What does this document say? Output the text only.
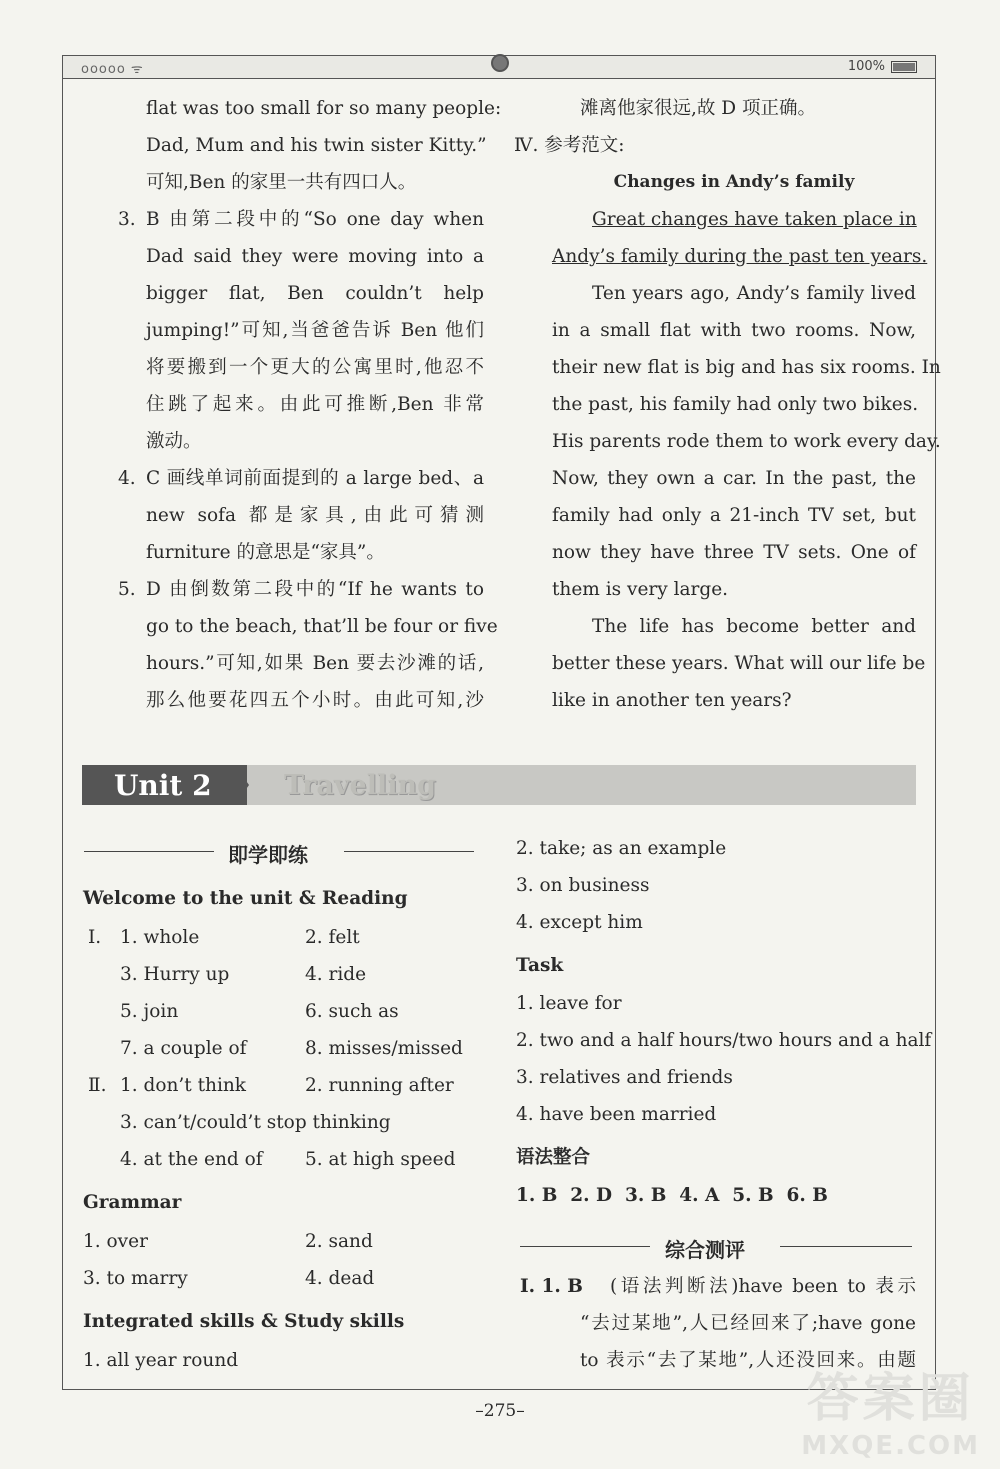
ooooo ᯤ	100%
flat was too small for so many people:
Dad, Mum and his twin sister Kitty.”
可知,Ben 的家里一共有四口人。
3. B 由第二段中的“So one day when
Dad said they were moving into a
bigger flat, Ben couldn’t help
jumping!”可知,当爸爸告诉 Ben 他们
将要搬到一个更大的公寓里时,他忍不
住跳了起来。由此可推断,Ben 非常
激动。
4. C 画线单词前面提到的 a large bed、a
new sofa 都是家具,由此可猜测
furniture 的意思是“家具”。
5. D 由倒数第二段中的“If he wants to
go to the beach, that’ll be four or five
hours.”可知,如果 Ben 要去沙滩的话,
那么他要花四五个小时。由此可知,沙
滩离他家很远,故 D 项正确。
Ⅳ. 参考范文:
Changes in Andy’s family
Great changes have taken place in
Andy’s family during the past ten years.
Ten years ago, Andy’s family lived
in a small flat with two rooms. Now,
their new flat is big and has six rooms. In
the past, his family had only two bikes.
His parents rode them to work every day.
Now, they own a car. In the past, the
family had only a 21-inch TV set, but
now they have three TV sets. One of
them is very large.
The life has become better and
better these years. What will our life be
like in another ten years?
Unit 2	Travelling
即学即练
Welcome to the unit & Reading
Ⅰ. 1. whole	2. felt
3. Hurry up	4. ride
5. join	6. such as
7. a couple of	8. misses/missed
Ⅱ. 1. don’t think	2. running after
3. can’t/could’t stop thinking
4. at the end of 5. at high speed
Grammar
1. over	2. sand
3. to marry	4. dead
Integrated skills & Study skills
1. all year round
2. take; as an example
3. on business
4. except him
Task
1. leave for
2. two and a half hours/two hours and a half
3. relatives and friends
4. have been married
语法整合
1. B  2. D  3. B  4. A  5. B  6. B
综合测评
Ⅰ. 1. B (语法判断法)have been to 表示
“去过某地”,人已经回来了;have gone
to 表示“去了某地”,人还没回来。由题
–275–	答案圈
MXQE.COM
